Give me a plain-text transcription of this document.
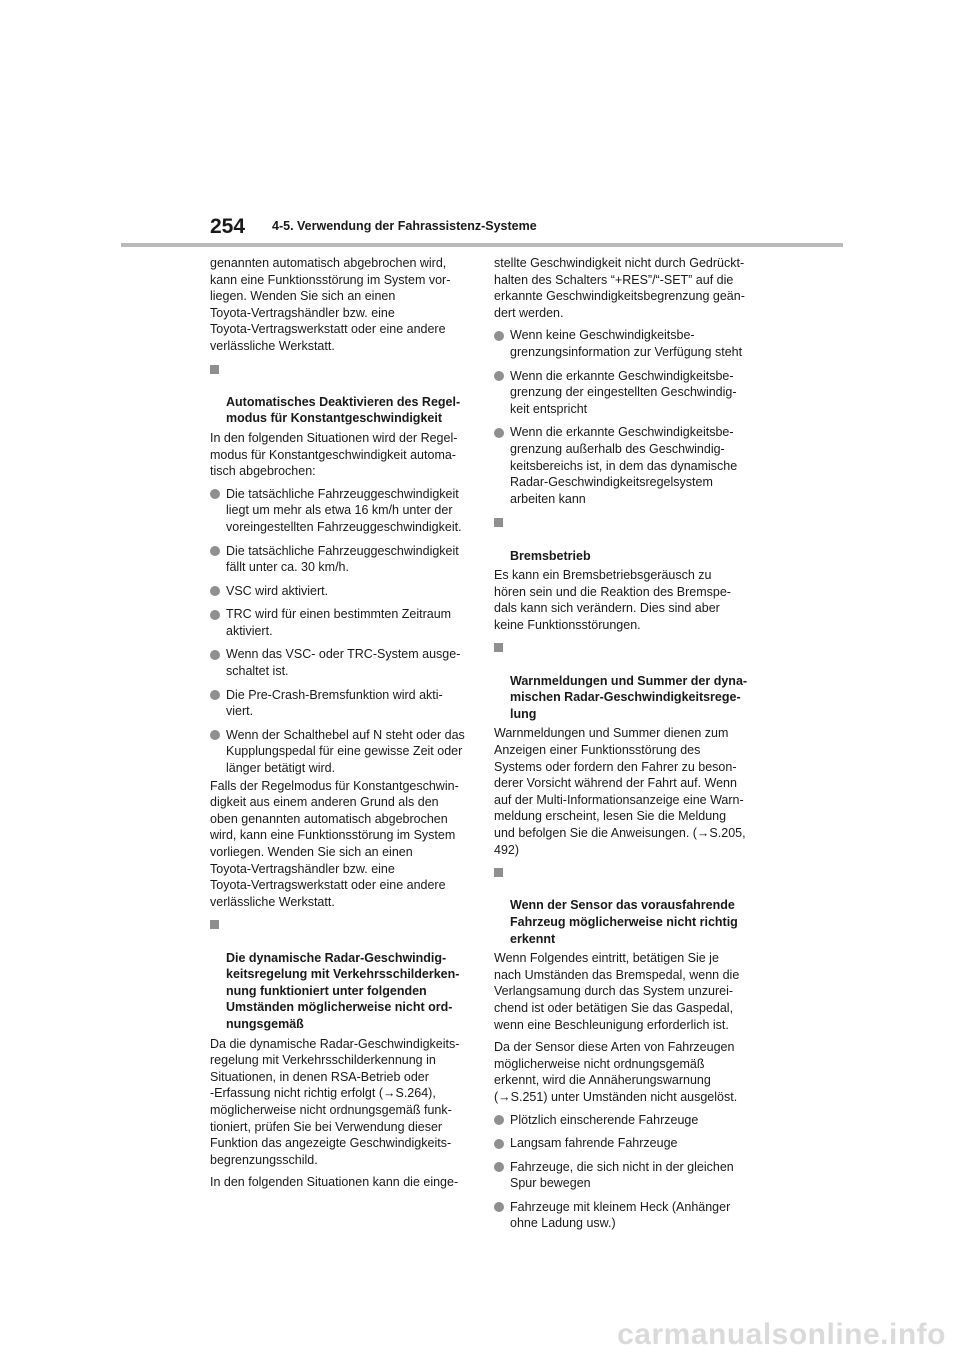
254 4-5. Verwendung der Fahrassistenz-Systeme

genannten automatisch abgebrochen wird,
kann eine Funktionsstörung im System vor-
liegen. Wenden Sie sich an einen
Toyota-Vertragshändler bzw. eine
Toyota-Vertragswerkstatt oder eine andere
verlässliche Werkstatt.

Automatisches Deaktivieren des Regel-
modus für Konstantgeschwindigkeit

In den folgenden Situationen wird der Regel-
modus für Konstantgeschwindigkeit automa-
tisch abgebrochen:

Die tatsächliche Fahrzeuggeschwindigkeit
liegt um mehr als etwa 16 km/h unter der
voreingestellten Fahrzeuggeschwindigkeit.
Die tatsächliche Fahrzeuggeschwindigkeit
fällt unter ca. 30 km/h.
VSC wird aktiviert.
TRC wird für einen bestimmten Zeitraum
aktiviert.
Wenn das VSC- oder TRC-System ausge-
schaltet ist.
Die Pre-Crash-Bremsfunktion wird akti-
viert.
Wenn der Schalthebel auf N steht oder das
Kupplungspedal für eine gewisse Zeit oder
länger betätigt wird.

Falls der Regelmodus für Konstantgeschwin-
digkeit aus einem anderen Grund als den
oben genannten automatisch abgebrochen
wird, kann eine Funktionsstörung im System
vorliegen. Wenden Sie sich an einen
Toyota-Vertragshändler bzw. eine
Toyota-Vertragswerkstatt oder eine andere
verlässliche Werkstatt.

Die dynamische Radar-Geschwindig-
keitsregelung mit Verkehrsschilderken-
nung funktioniert unter folgenden
Umständen möglicherweise nicht ord-
nungsgemäß

Da die dynamische Radar-Geschwindigkeits-
regelung mit Verkehrsschilderkennung in
Situationen, in denen RSA-Betrieb oder
-Erfassung nicht richtig erfolgt (→S.264),
möglicherweise nicht ordnungsgemäß funk-
tioniert, prüfen Sie bei Verwendung dieser
Funktion das angezeigte Geschwindigkeits-
begrenzungsschild.

In den folgenden Situationen kann die einge-

stellte Geschwindigkeit nicht durch Gedrückt-
halten des Schalters “+RES”/“-SET” auf die
erkannte Geschwindigkeitsbegrenzung geän-
dert werden.

Wenn keine Geschwindigkeitsbe-
grenzungsinformation zur Verfügung steht
Wenn die erkannte Geschwindigkeitsbe-
grenzung der eingestellten Geschwindig-
keit entspricht
Wenn die erkannte Geschwindigkeitsbe-
grenzung außerhalb des Geschwindig-
keitsbereichs ist, in dem das dynamische
Radar-Geschwindigkeitsregelsystem
arbeiten kann

Bremsbetrieb

Es kann ein Bremsbetriebsgeräusch zu
hören sein und die Reaktion des Bremspe-
dals kann sich verändern. Dies sind aber
keine Funktionsstörungen.

Warnmeldungen und Summer der dyna-
mischen Radar-Geschwindigkeitsrege-
lung

Warnmeldungen und Summer dienen zum
Anzeigen einer Funktionsstörung des
Systems oder fordern den Fahrer zu beson-
derer Vorsicht während der Fahrt auf. Wenn
auf der Multi-Informationsanzeige eine Warn-
meldung erscheint, lesen Sie die Meldung
und befolgen Sie die Anweisungen. (→S.205,
492)

Wenn der Sensor das vorausfahrende
Fahrzeug möglicherweise nicht richtig
erkennt

Wenn Folgendes eintritt, betätigen Sie je
nach Umständen das Bremspedal, wenn die
Verlangsamung durch das System unzurei-
chend ist oder betätigen Sie das Gaspedal,
wenn eine Beschleunigung erforderlich ist.

Da der Sensor diese Arten von Fahrzeugen
möglicherweise nicht ordnungsgemäß
erkennt, wird die Annäherungswarnung
(→S.251) unter Umständen nicht ausgelöst.

Plötzlich einscherende Fahrzeuge
Langsam fahrende Fahrzeuge
Fahrzeuge, die sich nicht in der gleichen
Spur bewegen
Fahrzeuge mit kleinem Heck (Anhänger
ohne Ladung usw.)
carmanualsonline.info
